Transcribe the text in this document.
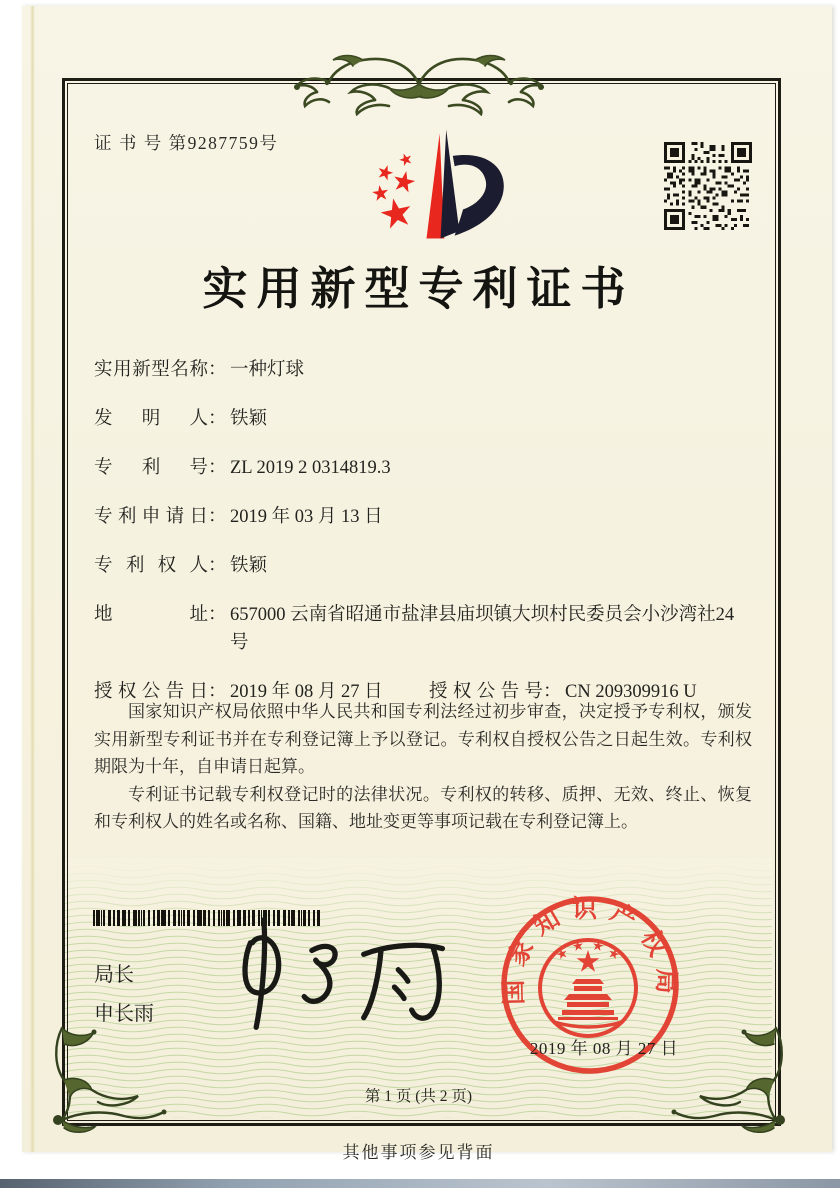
证 书 号 第9287759号
实用新型专利证书
实用新型名称 ： 一种灯球
发明人 ： 铁颖
专利号 ： ZL 2019 2 0314819.3
专利申请日 ： 2019 年 03 月 13 日
专利权人 ： 铁颖
地址 ： 657000 云南省昭通市盐津县庙坝镇大坝村民委员会小沙湾社24号
授权公告日 ： 2019 年 08 月 27 日	授权公告号 ： CN 209309916 U

国家知识产权局依照中华人民共和国专利法经过初步审查，决定授予专利权，颁发实用新型专利证书并在专利登记簿上予以登记。专利权自授权公告之日起生效。专利权期限为十年，自申请日起算。

专利证书记载专利权登记时的法律状况。专利权的转移、质押、无效、终止、恢复和专利权人的姓名或名称、国籍、地址变更等事项记载在专利登记簿上。

局长
申长雨
国家知识产权局
2019 年 08 月 27 日
第 1 页 (共 2 页)
其他事项参见背面
